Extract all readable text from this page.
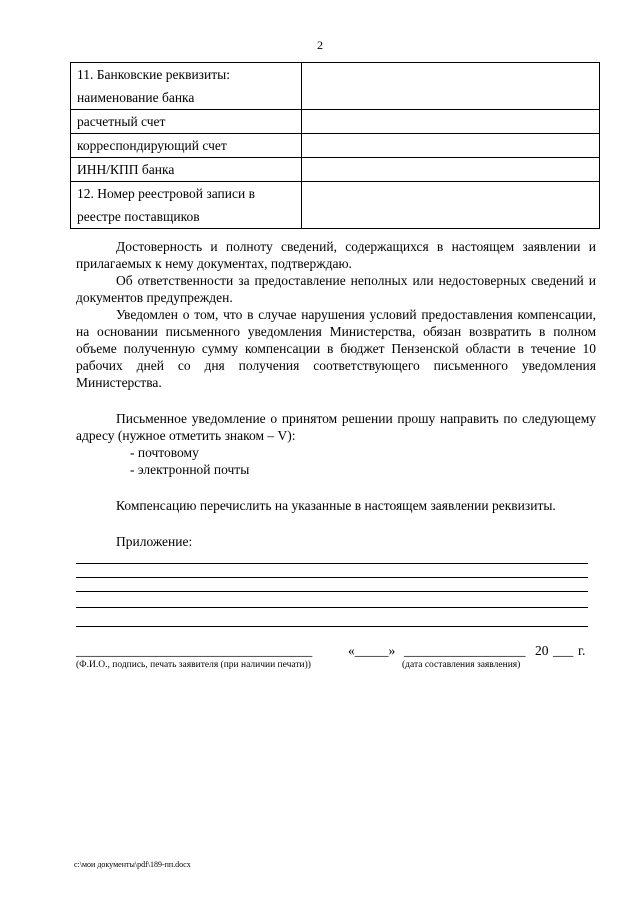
2
11. Банковские реквизиты:
наименование банка	

расчетный счет	

корреспондирующий счет	

ИНН/КПП банка	

12. Номер реестровой записи в
реестре поставщиков	

Достоверность и полноту сведений, содержащихся в настоящем заявлении и прилагаемых к нему документах, подтверждаю.

Об ответственности за предоставление неполных или недостоверных сведений и документов предупрежден.

Уведомлен о том, что в случае нарушения условий предоставления компенсации, на основании письменного уведомления Министерства, обязан возвратить в полном объеме полученную сумму компенсации в бюджет Пензенской области в течение 10 рабочих дней со дня получения соответствующего письменного уведомления Министерства.

Письменное уведомление о принятом решении прошу направить по следующему адресу (нужное отметить знаком – V):

- почтовому
- электронной почты

Компенсацию перечислить на указанные в настоящем заявлении реквизиты.

Приложение:

___________________________________	«_____» __________________ 20 ___ г.
(Ф.И.О., подпись, печать заявителя (при наличии печати))	(дата составления заявления)
c:\мои документы\pdf\189-пп.docx
